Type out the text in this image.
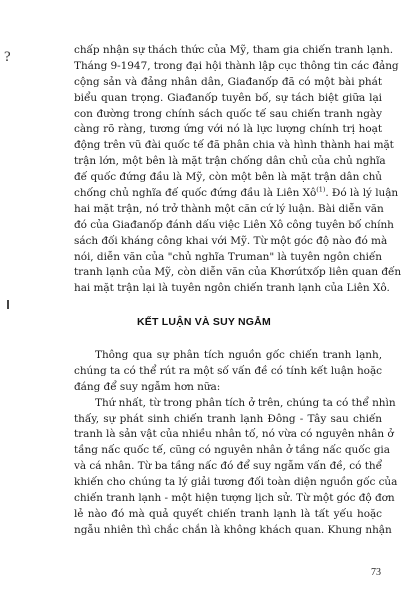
?	chấp nhận sự thách thức của Mỹ, tham gia chiến tranh lạnh.
Tháng 9-1947, trong đại hội thành lập cục thông tin các đảng
cộng sản và đảng nhân dân, Giađanốp đã có một bài phát
biểu quan trọng. Giađanốp tuyên bố, sự tách biệt giữa lại
con đường trong chính sách quốc tế sau chiến tranh ngày
càng rõ ràng, tương ứng với nó là lực lượng chính trị hoạt
động trên vũ đài quốc tế đã phân chia và hình thành hai mặt
trận lớn, một bên là mặt trận chống dân chủ của chủ nghĩa
đế quốc đứng đầu là Mỹ, còn một bên là mặt trận dân chủ
chống chủ nghĩa đế quốc đứng đầu là Liên $Xô^{(1)}$. Đó là lý luận
hai mặt trận, nó trở thành một căn cứ lý luận. Bài diễn văn
đó của Giađanốp đánh dấu việc Liên Xô công tuyên bố chính
sách đối kháng công khai với Mỹ. Từ một góc độ nào đó mà
nói, diễn văn của "chủ nghĩa Truman" là tuyên ngôn chiến
tranh lạnh của Mỹ, còn diễn văn của Khơrútxốp liên quan đến
hai mặt trận lại là tuyên ngôn chiến tranh lạnh của Liên Xô.
KẾT LUẬN VÀ SUY NGẪM
Thông qua sự phân tích nguồn gốc chiến tranh lạnh,
chúng ta có thể rút ra một số vấn đề có tính kết luận hoặc
đáng để suy ngẫm hơn nữa:
Thứ nhất, từ trong phân tích ở trên, chúng ta có thể nhìn
thấy, sự phát sinh chiến tranh lạnh Đông - Tây sau chiến
tranh là sản vật của nhiều nhân tố, nó vừa có nguyên nhân ở
tầng nấc quốc tế, cũng có nguyên nhân ở tầng nấc quốc gia
và cá nhân. Từ ba tầng nấc đó để suy ngẫm vấn đề, có thể
khiến cho chúng ta lý giải tương đối toàn diện nguồn gốc của
chiến tranh lạnh - một hiện tượng lịch sử. Từ một góc độ đơn
lẻ nào đó mà quả quyết chiến tranh lạnh là tất yếu hoặc
ngẫu nhiên thì chắc chắn là không khách quan. Khung nhận
73
